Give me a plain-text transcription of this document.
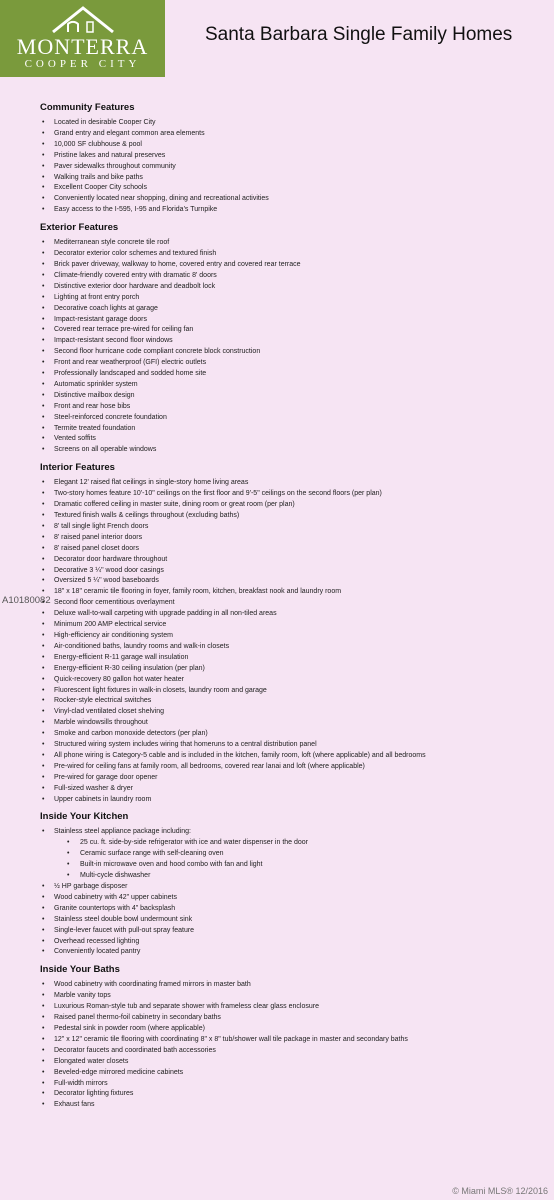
MONTERRA
COOPER CITY
Santa Barbara Single Family Homes
A10180082
Community Features
• Located in desirable Cooper City
• Grand entry and elegant common area elements
• 10,000 SF clubhouse & pool
• Pristine lakes and natural preserves
• Paver sidewalks throughout community
• Walking trails and bike paths
• Excellent Cooper City schools
• Conveniently located near shopping, dining and recreational activities
• Easy access to the I-595, I-95 and Florida's Turnpike
Exterior Features
• Mediterranean style concrete tile roof
• Decorator exterior color schemes and textured finish
• Brick paver driveway, walkway to home, covered entry and covered rear terrace
• Climate-friendly covered entry with dramatic 8' doors
• Distinctive exterior door hardware and deadbolt lock
• Lighting at front entry porch
• Decorative coach lights at garage
• Impact-resistant garage doors
• Covered rear terrace pre-wired for ceiling fan
• Impact-resistant second floor windows
• Second floor hurricane code compliant concrete block construction
• Front and rear weatherproof (GFI) electric outlets
• Professionally landscaped and sodded home site
• Automatic sprinkler system
• Distinctive mailbox design
• Front and rear hose bibs
• Steel-reinforced concrete foundation
• Termite treated foundation
• Vented soffits
• Screens on all operable windows
Interior Features
• Elegant 12' raised flat ceilings in single-story home living areas
• Two-story homes feature 10'-10" ceilings on the first floor and 9'-5" ceilings on the second floors (per plan)
• Dramatic coffered ceiling in master suite, dining room or great room (per plan)
• Textured finish walls & ceilings throughout (excluding baths)
• 8' tall single light French doors
• 8' raised panel interior doors
• 8' raised panel closet doors
• Decorator door hardware throughout
• Decorative 3 ¼" wood door casings
• Oversized 5 ¼" wood baseboards
• 18" x 18" ceramic tile flooring in foyer, family room, kitchen, breakfast nook and laundry room
• Second floor cementitious overlayment
• Deluxe wall-to-wall carpeting with upgrade padding in all non-tiled areas
• Minimum 200 AMP electrical service
• High-efficiency air conditioning system
• Air-conditioned baths, laundry rooms and walk-in closets
• Energy-efficient R-11 garage wall insulation
• Energy-efficient R-30 ceiling insulation (per plan)
• Quick-recovery 80 gallon hot water heater
• Fluorescent light fixtures in walk-in closets, laundry room and garage
• Rocker-style electrical switches
• Vinyl-clad ventilated closet shelving
• Marble windowsills throughout
• Smoke and carbon monoxide detectors (per plan)
• Structured wiring system includes wiring that homeruns to a central distribution panel
• All phone wiring is Category-5 cable and is included in the kitchen, family room, loft (where applicable) and all bedrooms
• Pre-wired for ceiling fans at family room, all bedrooms, covered rear lanai and loft (where applicable)
• Pre-wired for garage door opener
• Full-sized washer & dryer
• Upper cabinets in laundry room
Inside Your Kitchen
• Stainless steel appliance package including:
• 25 cu. ft. side-by-side refrigerator with ice and water dispenser in the door
• Ceramic surface range with self-cleaning oven
• Built-in microwave oven and hood combo with fan and light
• Multi-cycle dishwasher
• ½ HP garbage disposer
• Wood cabinetry with 42" upper cabinets
• Granite countertops with 4" backsplash
• Stainless steel double bowl undermount sink
• Single-lever faucet with pull-out spray feature
• Overhead recessed lighting
• Conveniently located pantry
Inside Your Baths
• Wood cabinetry with coordinating framed mirrors in master bath
• Marble vanity tops
• Luxurious Roman-style tub and separate shower with frameless clear glass enclosure
• Raised panel thermo-foil cabinetry in secondary baths
• Pedestal sink in powder room (where applicable)
• 12" x 12" ceramic tile flooring with coordinating 8" x 8" tub/shower wall tile package in master and secondary baths
• Decorator faucets and coordinated bath accessories
• Elongated water closets
• Beveled-edge mirrored medicine cabinets
• Full-width mirrors
• Decorator lighting fixtures
• Exhaust fans
© Miami MLS® 12/2016
